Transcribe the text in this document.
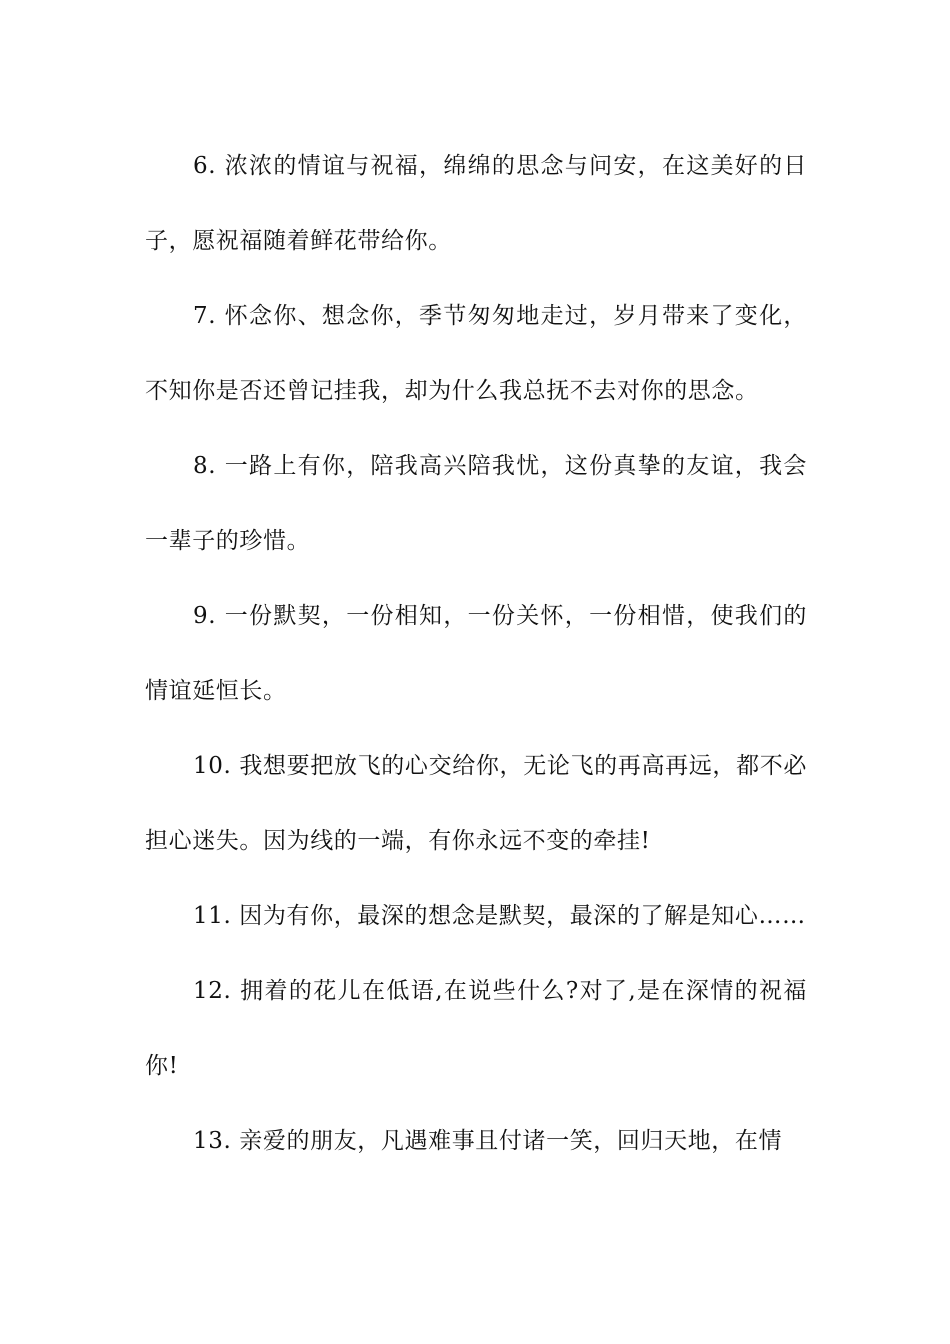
6. 浓浓的情谊与祝福，绵绵的思念与问安，在这美好的日子，愿祝福随着鲜花带给你。

7. 怀念你、想念你，季节匆匆地走过，岁月带来了变化，不知你是否还曾记挂我，却为什么我总抚不去对你的思念。

8. 一路上有你，陪我高兴陪我忧，这份真挚的友谊，我会一辈子的珍惜。

9. 一份默契，一份相知，一份关怀，一份相惜，使我们的情谊延恒长。

10. 我想要把放飞的心交给你，无论飞的再高再远，都不必担心迷失。因为线的一端，有你永远不变的牵挂!

11. 因为有你，最深的想念是默契，最深的了解是知心……

12. 拥着的花儿在低语,在说些什么?对了,是在深情的祝福你!

13. 亲爱的朋友，凡遇难事且付诸一笑，回归天地，在情
